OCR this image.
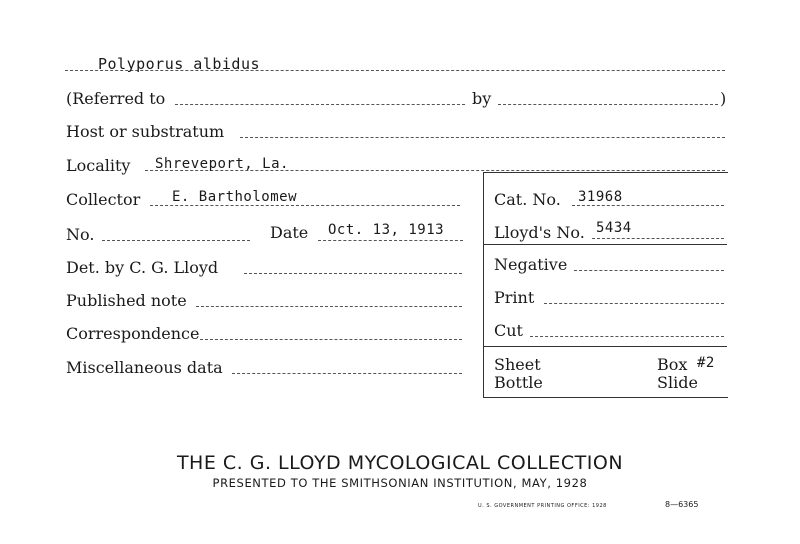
Polyporus albidus
(Referred to	by	)
Host or substratum
Locality Shreveport, La.
Collector E. Bartholomew	Cat. No. 31968
No.	Date Oct. 13, 1913	Lloyd's No. 5434
Det. by C. G. Lloyd	Negative
Published note	Print
Correspondence	Cut
Miscellaneous data	Sheet	Box #2
Bottle	Slide
THE C. G. LLOYD MYCOLOGICAL COLLECTION
PRESENTED TO THE SMITHSONIAN INSTITUTION, MAY, 1928
U. S. GOVERNMENT PRINTING OFFICE: 1928	8—6365
